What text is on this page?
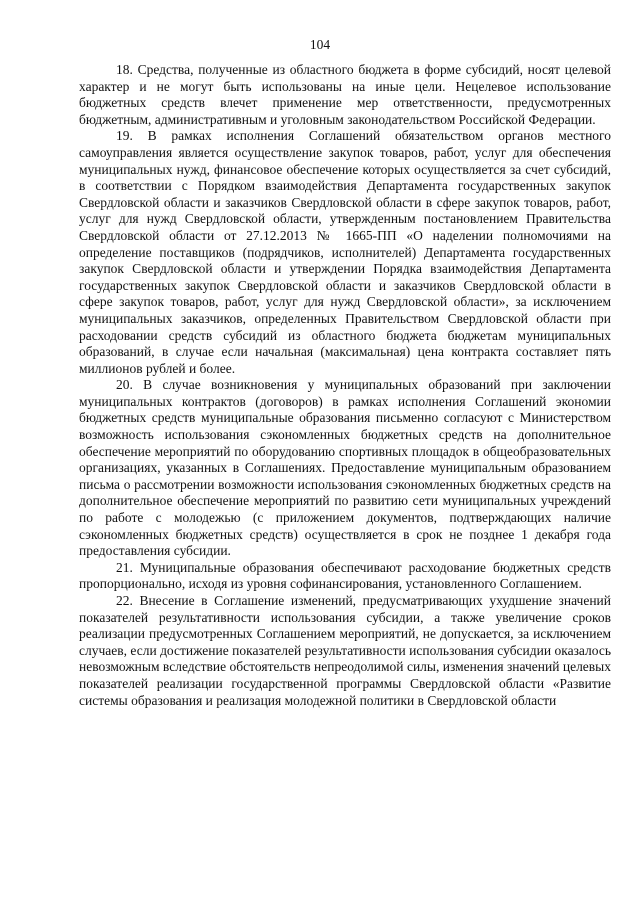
104

18. Средства, полученные из областного бюджета в форме субсидий, носят целевой характер и не могут быть использованы на иные цели. Нецелевое использование бюджетных средств влечет применение мер ответственности, предусмотренных бюджетным, административным и уголовным законодательством Российской Федерации.

19. В рамках исполнения Соглашений обязательством органов местного самоуправления является осуществление закупок товаров, работ, услуг для обеспечения муниципальных нужд, финансовое обеспечение которых осуществляется за счет субсидий, в соответствии с Порядком взаимодействия Департамента государственных закупок Свердловской области и заказчиков Свердловской области в сфере закупок товаров, работ, услуг для нужд Свердловской области, утвержденным постановлением Правительства Свердловской области от 27.12.2013 № 1665-ПП «О наделении полномочиями на определение поставщиков (подрядчиков, исполнителей) Департамента государственных закупок Свердловской области и утверждении Порядка взаимодействия Департамента государственных закупок Свердловской области и заказчиков Свердловской области в сфере закупок товаров, работ, услуг для нужд Свердловской области», за исключением муниципальных заказчиков, определенных Правительством Свердловской области при расходовании средств субсидий из областного бюджета бюджетам муниципальных образований, в случае если начальная (максимальная) цена контракта составляет пять миллионов рублей и более.

20. В случае возникновения у муниципальных образований при заключении муниципальных контрактов (договоров) в рамках исполнения Соглашений экономии бюджетных средств муниципальные образования письменно согласуют с Министерством возможность использования сэкономленных бюджетных средств на дополнительное обеспечение мероприятий по оборудованию спортивных площадок в общеобразовательных организациях, указанных в Соглашениях. Предоставление муниципальным образованием письма о рассмотрении возможности использования сэкономленных бюджетных средств на дополнительное обеспечение мероприятий по развитию сети муниципальных учреждений по работе с молодежью (с приложением документов, подтверждающих наличие сэкономленных бюджетных средств) осуществляется в срок не позднее 1 декабря года предоставления субсидии.

21. Муниципальные образования обеспечивают расходование бюджетных средств пропорционально, исходя из уровня софинансирования, установленного Соглашением.

22. Внесение в Соглашение изменений, предусматривающих ухудшение значений показателей результативности использования субсидии, а также увеличение сроков реализации предусмотренных Соглашением мероприятий, не допускается, за исключением случаев, если достижение показателей результативности использования субсидии оказалось невозможным вследствие обстоятельств непреодолимой силы, изменения значений целевых показателей реализации государственной программы Свердловской области «Развитие системы образования и реализация молодежной политики в Свердловской области
